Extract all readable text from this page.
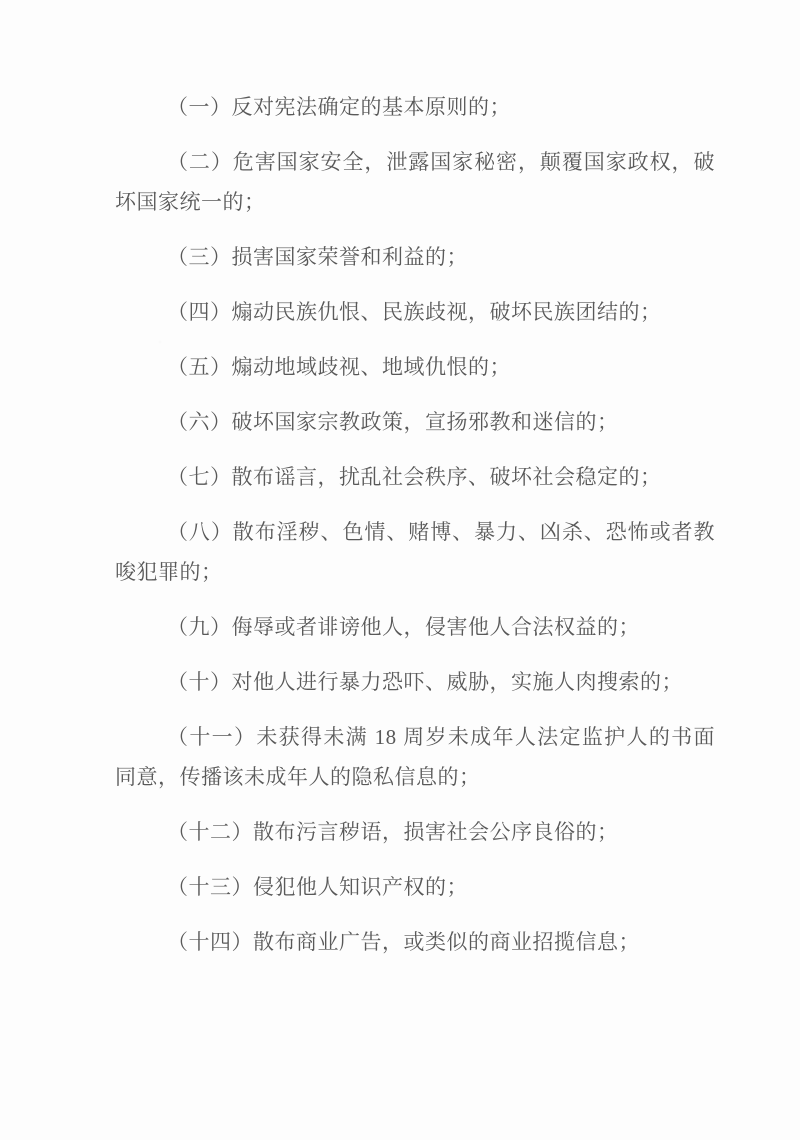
（一）反对宪法确定的基本原则的；

（二）危害国家安全，泄露国家秘密，颠覆国家政权，破坏国家统一的；

（三）损害国家荣誉和利益的；

（四）煽动民族仇恨、民族歧视，破坏民族团结的；

（五）煽动地域歧视、地域仇恨的；

（六）破坏国家宗教政策，宣扬邪教和迷信的；

（七）散布谣言，扰乱社会秩序、破坏社会稳定的；

（八）散布淫秽、色情、赌博、暴力、凶杀、恐怖或者教唆犯罪的；

（九）侮辱或者诽谤他人，侵害他人合法权益的；

（十）对他人进行暴力恐吓、威胁，实施人肉搜索的；

（十一）未获得未满 18 周岁未成年人法定监护人的书面同意，传播该未成年人的隐私信息的；

（十二）散布污言秽语，损害社会公序良俗的；

（十三）侵犯他人知识产权的；

（十四）散布商业广告，或类似的商业招揽信息；
